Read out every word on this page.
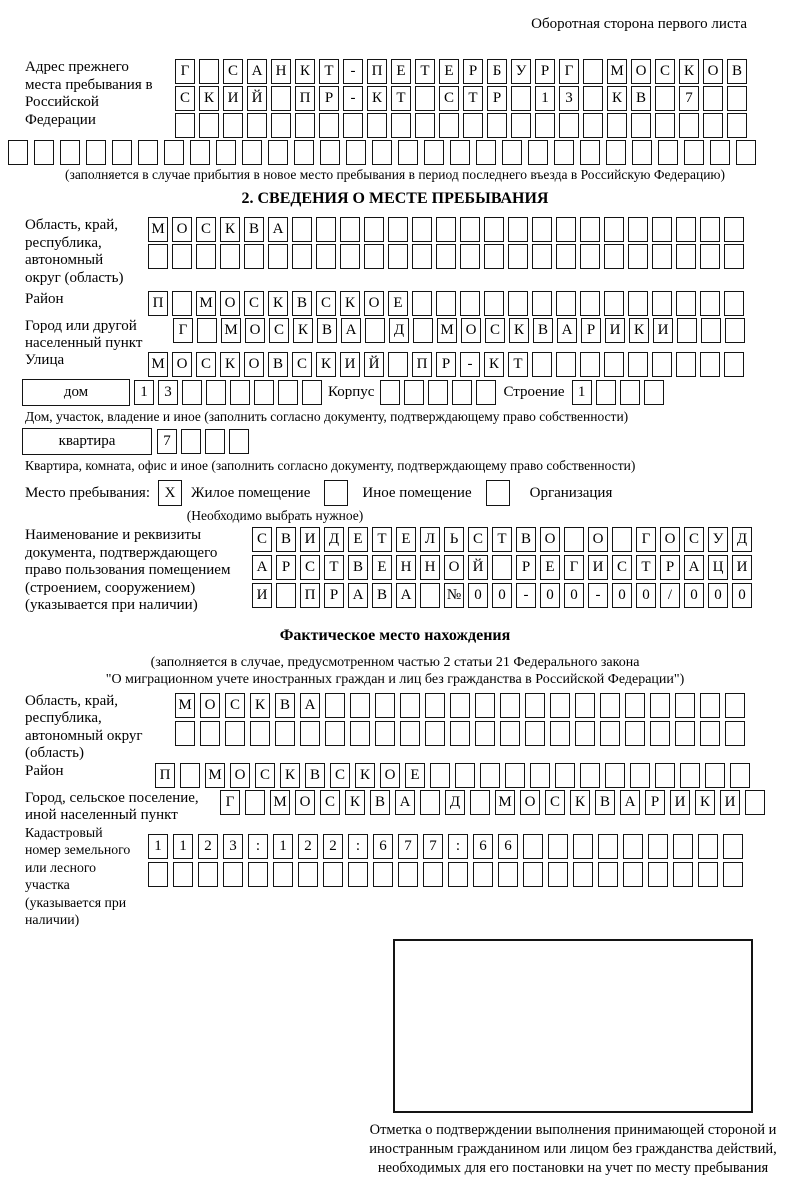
Оборотная сторона первого листа
Адрес прежнего места пребывания в Российской Федерации
Г	С А Н К Т	-	П Е Т Е	Р	Б У Р	Г	М О С К О В
С К И Й	П Р	-	К Т	С Т	Р	1	3	К В	7
(заполняется в случае прибытия в новое место пребывания в период последнего въезда в Российскую Федерацию)
2. СВЕДЕНИЯ О МЕСТЕ ПРЕБЫВАНИЯ
Область, край, республика, автономный округ (область)
М О С К В А
Район	П	М О С К В С К О Е
Город или другой населенный пункт
Г	М О С К В А	Д	М О С К В А Р И К И
Улица	М О С К О В С К И Й	П Р	-	К Т
дом	1	3	Корпус	Строение 1
Дом, участок, владение и иное (заполнить согласно документу, подтверждающему право собственности)
квартира	7
Квартира, комната, офис и иное (заполнить согласно документу, подтверждающему право собственности)
Место пребывания: X	Жилое помещение	Иное помещение	Организация
(Необходимо выбрать нужное)
Наименование и реквизиты документа, подтверждающего право пользования помещением (строением, сооружением) (указывается при наличии)
С В И Д Е Т Е Л Ь С Т В О	О	Г О С У Д
А Р С Т В Е Н Н О Й	Р	Е	Г И С Т	Р А Ц И
И	П Р А В А	№ 0	0	-	0	0	-	0	0	/	0	0	0
Фактическое место нахождения
(заполняется в случае, предусмотренном частью 2 статьи 21 Федерального закона
"О миграционном учете иностранных граждан и лиц без гражданства в Российской Федерации")
Область, край, республика, автономный округ (область)
М О С К В А
Район	П	М О С К В С К О Е
Город, сельское поселение, иной населенный пункт
Г	М О С К В А	Д	М О С К В А	Р	И К И
Кадастровый номер земельного или лесного участка (указывается при наличии)
1	1	2	3	:	1	2	2	:	6	7	7	:	6	6
Отметка о подтверждении выполнения принимающей стороной и иностранным гражданином или лицом без гражданства действий, необходимых для его постановки на учет по месту пребывания
